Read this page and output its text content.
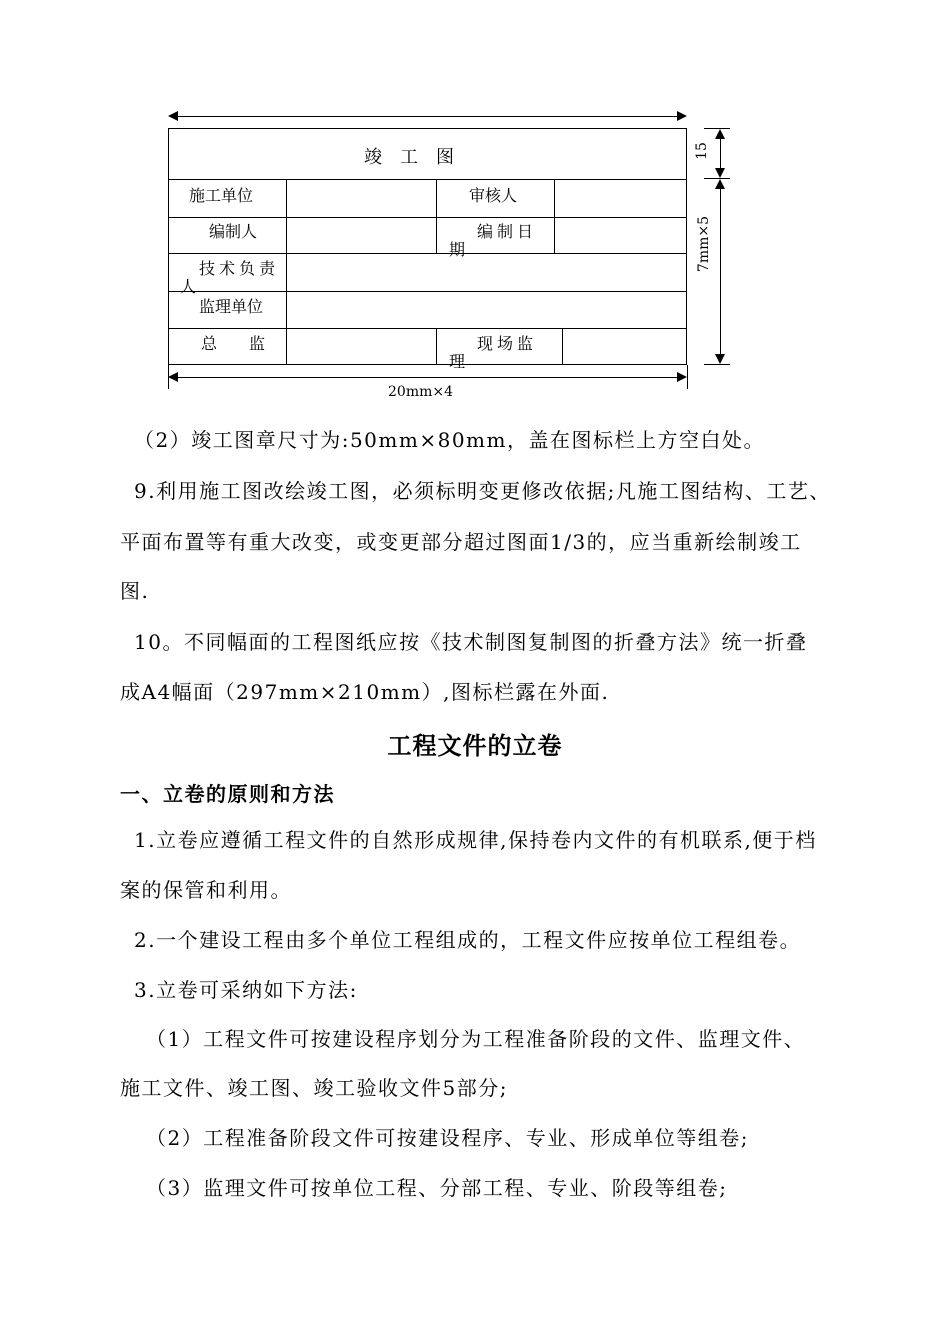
竣　工　图
施工单位	审核人
编制人	编制日期
技术负责人
监理单位
总　　监	现场监理
15
7mm×5
20mm×4

（2）竣工图章尺寸为:50mm×80mm，盖在图标栏上方空白处。

9.利用施工图改绘竣工图，必须标明变更修改依据;凡施工图结构、工艺、

平面布置等有重大改变，或变更部分超过图面1/3的，应当重新绘制竣工

图.

10。不同幅面的工程图纸应按《技术制图复制图的折叠方法》统一折叠

成A4幅面（297mm×210mm）,图标栏露在外面.

工程文件的立卷
一、立卷的原则和方法

1.立卷应遵循工程文件的自然形成规律,保持卷内文件的有机联系,便于档

案的保管和利用。

2.一个建设工程由多个单位工程组成的，工程文件应按单位工程组卷。

3.立卷可采纳如下方法:

（1）工程文件可按建设程序划分为工程准备阶段的文件、监理文件、

施工文件、竣工图、竣工验收文件5部分;

（2）工程准备阶段文件可按建设程序、专业、形成单位等组卷;

（3）监理文件可按单位工程、分部工程、专业、阶段等组卷;
